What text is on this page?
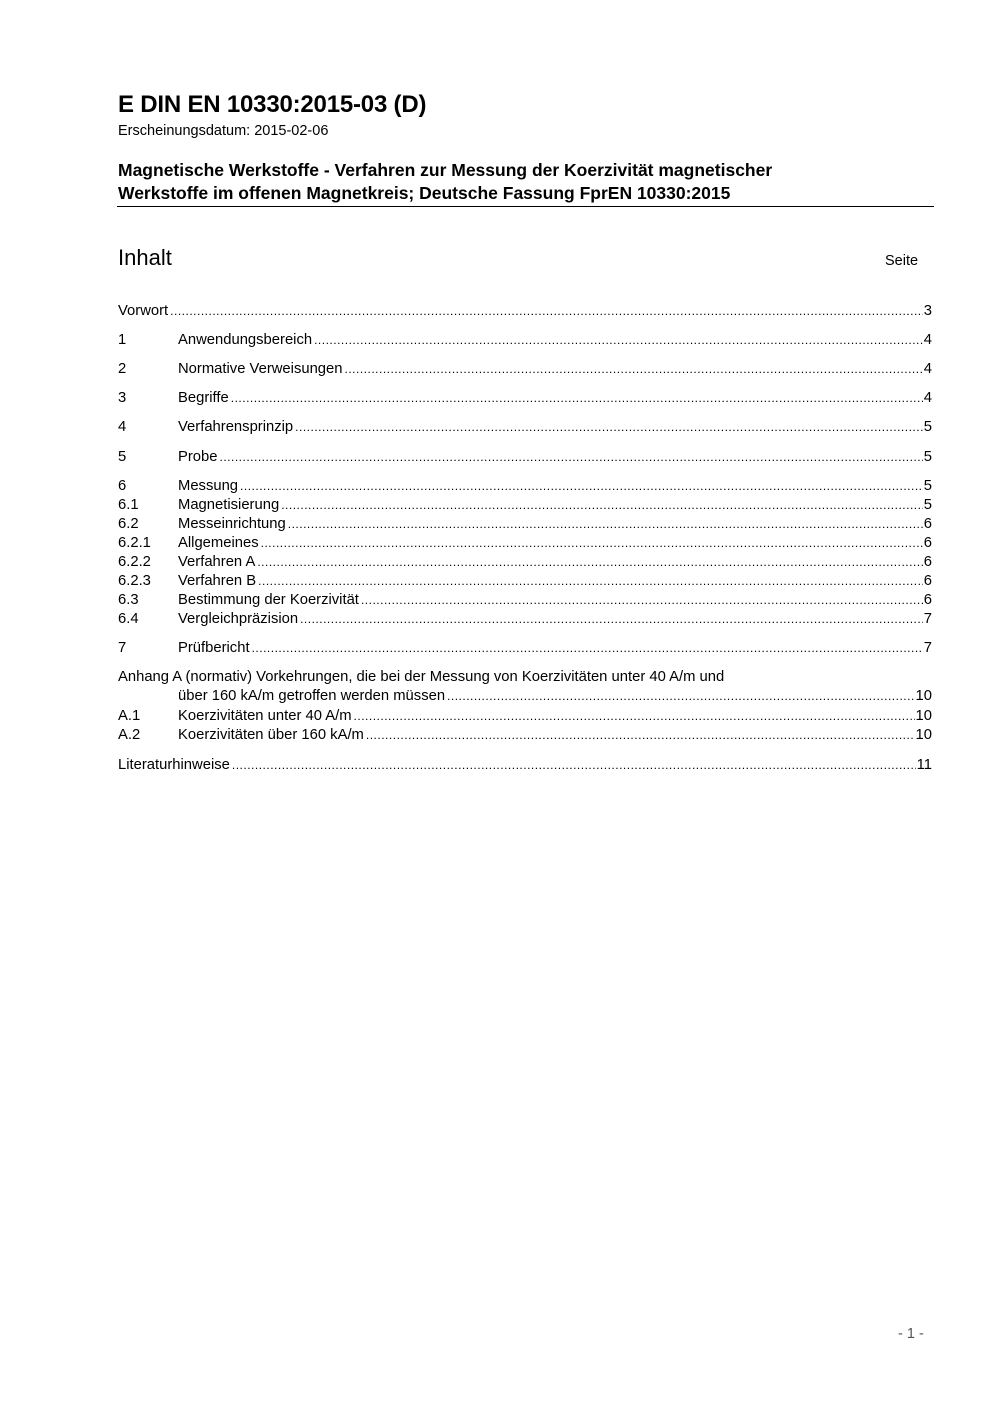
E DIN EN 10330:2015-03 (D)
Erscheinungsdatum: 2015-02-06
Magnetische Werkstoffe - Verfahren zur Messung der Koerzivität magnetischer
Werkstoffe im offenen Magnetkreis; Deutsche Fassung FprEN 10330:2015
Inhalt	Seite
Vorwort .....	3
1	Anwendungsbereich .....	4
2	Normative Verweisungen .....	4
3	Begriffe .....	4
4	Verfahrensprinzip .....	5
5	Probe .....	5
6	Messung .....	5
6.1	Magnetisierung .....	5
6.2	Messeinrichtung .....	6
6.2.1 Allgemeines .....	6
6.2.2 Verfahren A .....	6
6.2.3 Verfahren B .....	6
6.3	Bestimmung der Koerzivität .....	6
6.4	Vergleichpräzision .....	7
7	Prüfbericht .....	7
Anhang A (normativ) Vorkehrungen, die bei der Messung von Koerzivitäten unter 40 A/m und
über 160 kA/m getroffen werden müssen .....	10
A.1	Koerzivitäten unter 40 A/m .....	10
A.2	Koerzivitäten über 160 kA/m .....	10
Literaturhinweise .....	11
- 1 -
